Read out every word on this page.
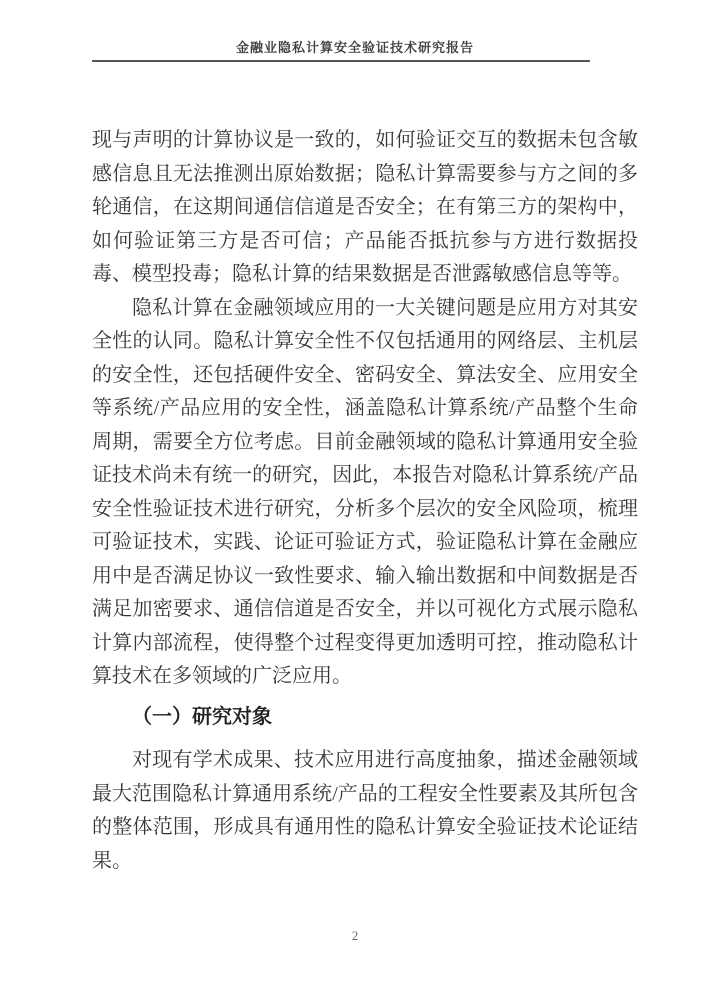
金融业隐私计算安全验证技术研究报告

现与声明的计算协议是一致的，如何验证交互的数据未包含敏感信息且无法推测出原始数据；隐私计算需要参与方之间的多轮通信，在这期间通信信道是否安全；在有第三方的架构中，如何验证第三方是否可信；产品能否抵抗参与方进行数据投毒、模型投毒；隐私计算的结果数据是否泄露敏感信息等等。

隐私计算在金融领域应用的一大关键问题是应用方对其安全性的认同。隐私计算安全性不仅包括通用的网络层、主机层的安全性，还包括硬件安全、密码安全、算法安全、应用安全等系统/产品应用的安全性，涵盖隐私计算系统/产品整个生命周期，需要全方位考虑。目前金融领域的隐私计算通用安全验证技术尚未有统一的研究，因此，本报告对隐私计算系统/产品安全性验证技术进行研究，分析多个层次的安全风险项，梳理可验证技术，实践、论证可验证方式，验证隐私计算在金融应用中是否满足协议一致性要求、输入输出数据和中间数据是否满足加密要求、通信信道是否安全，并以可视化方式展示隐私计算内部流程，使得整个过程变得更加透明可控，推动隐私计算技术在多领域的广泛应用。

（一）研究对象

对现有学术成果、技术应用进行高度抽象，描述金融领域最大范围隐私计算通用系统/产品的工程安全性要素及其所包含的整体范围，形成具有通用性的隐私计算安全验证技术论证结果。

2
